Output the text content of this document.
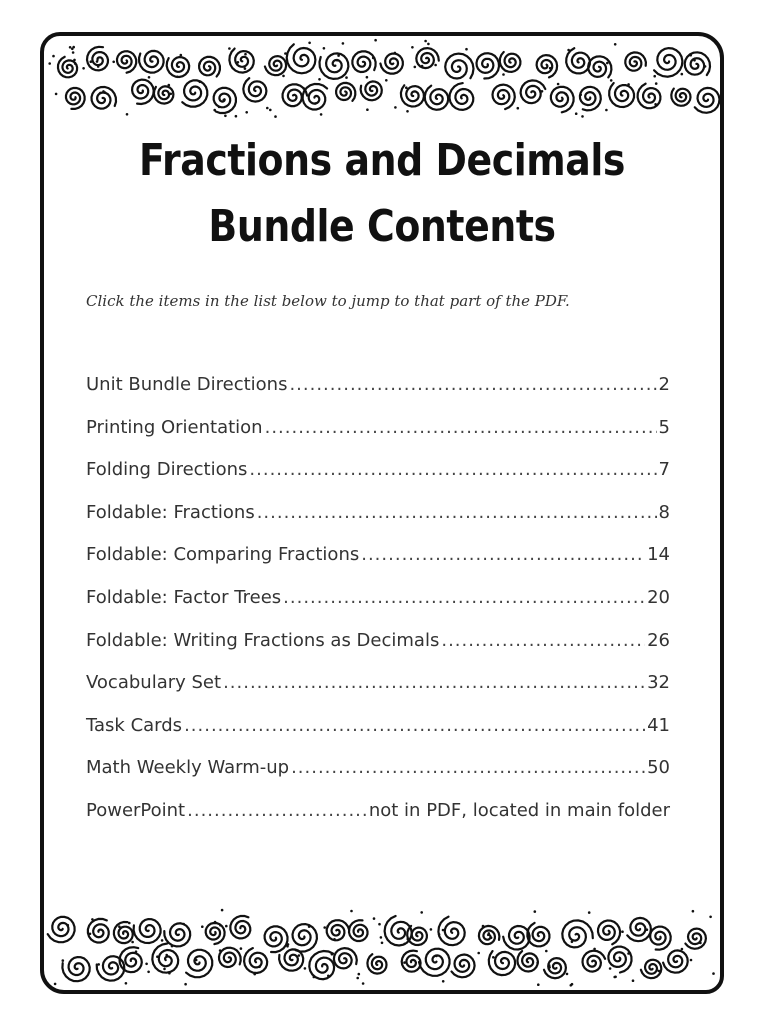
Fractions and Decimals
Bundle Contents

Click the items in the list below to jump to that part of the PDF.

Unit Bundle Directions .....	2
Printing Orientation .....	5
Folding Directions .....	7
Foldable: Fractions .....	8
Foldable: Comparing Fractions .....	14
Foldable: Factor Trees .....	20
Foldable: Writing Fractions as Decimals .....	26
Vocabulary Set .....	32
Task Cards .....	41
Math Weekly Warm-up .....	50
PowerPoint .....	not in PDF, located in main folder
